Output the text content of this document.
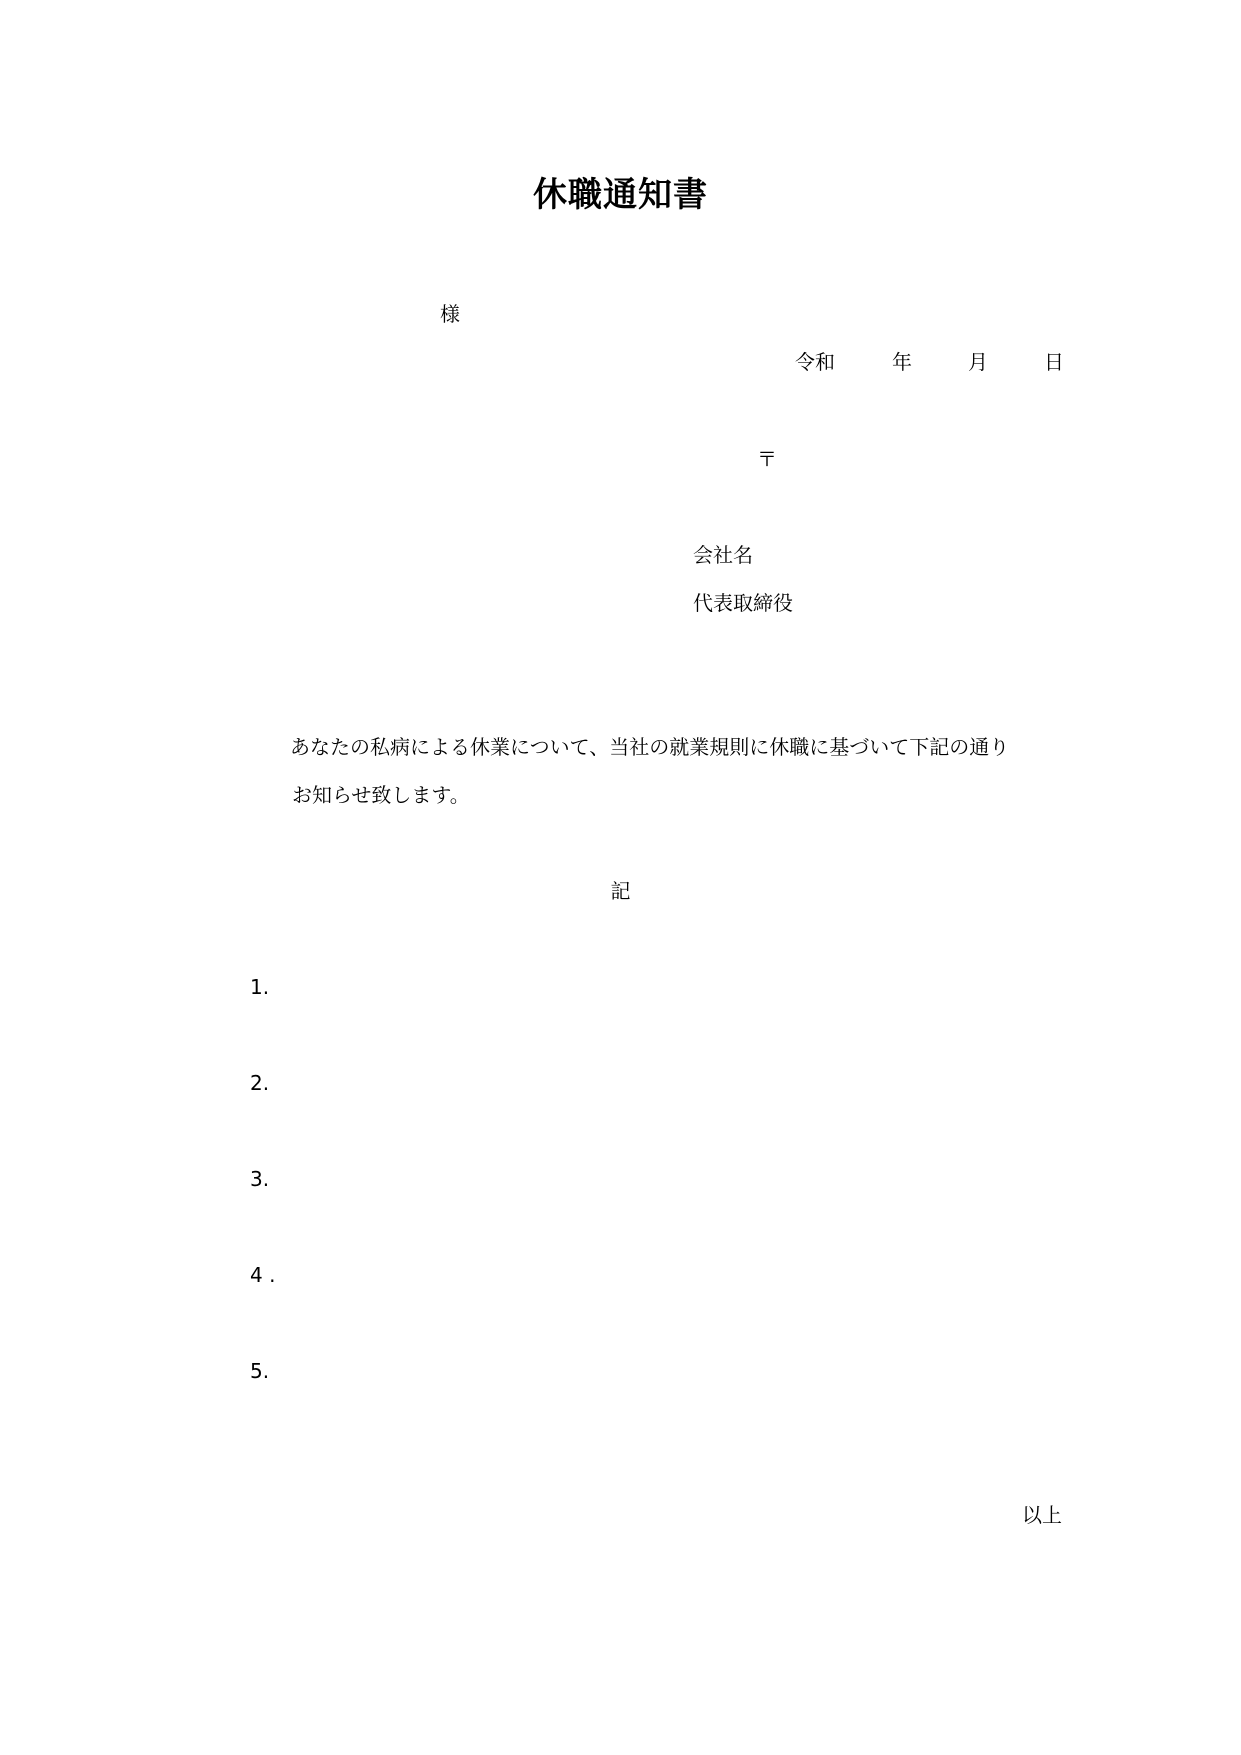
休職通知書

様

令和	年	月	日

〒

会社名

代表取締役

あなたの私病による休業について、当社の就業規則に休職に基づいて下記の通り

お知らせ致します。

記

1.

2.

3.

4 .

5.

以上
